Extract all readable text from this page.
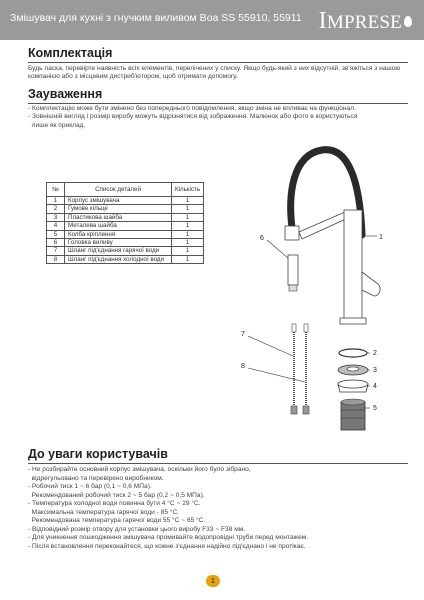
Змішувач для кухні з гнучким виливом Boa SS 55910, 55911 IMPRESE
Комплектація

Будь ласка, перевірте наявність всіх елементів, перелічених у списку. Якщо будь-який з них відсутній, зв'яжіться з нашою компанією або з місцевим дистриб'ютором, щоб отримати допомогу.

Зауваження
- Комплектацію може бути змінено без попереднього повідомлення, якщо зміна не впливає на функціонал.
- Зовнішній вигляд і розмір виробу можуть відрізнятися від зображення. Малюнок або фото в користуються
лише як приклад.
№	Список деталей	Кількість
1	Корпус змішувача	1
2	Гумове кільце	1
3	Пластикова шайба	1
4	Металева шайба	1
5	Колба кріплення	1
6	Головка виливу	1
7	Шланг під'єднання гарячої води	1
8	Шланг під'єднання холодної води	1
1
6
2
3
4
5
7
8
До уваги користувачів
- Не розбирайте основний корпус змішувача, оскільки його було зібрано,
відрегульовано та перевірено виробником.
- Робочий тиск 1 ~ 6 бар (0,1 ~ 0,6 МПа).
Рекомендований робочий тиск 2 ~ 5 бар (0,2 ~ 0,5 МПа).
- Температура холодної води повинна бути 4 °С ~ 29 °С.
Максимальна температура гарячої води - 85 °С.
Рекомендована температура гарячої води 55 °С ~ 65 °С.
- Відповідний розмір отвору для установки цього виробу F33 ~ F38 мм.
- Для уникнення пошкодження змішувача промивайте водопровідні труби перед монтажем.
- Після встановлення переконайтеся, що кожне з'єднання надійно під'єднано і не протікає.
1
